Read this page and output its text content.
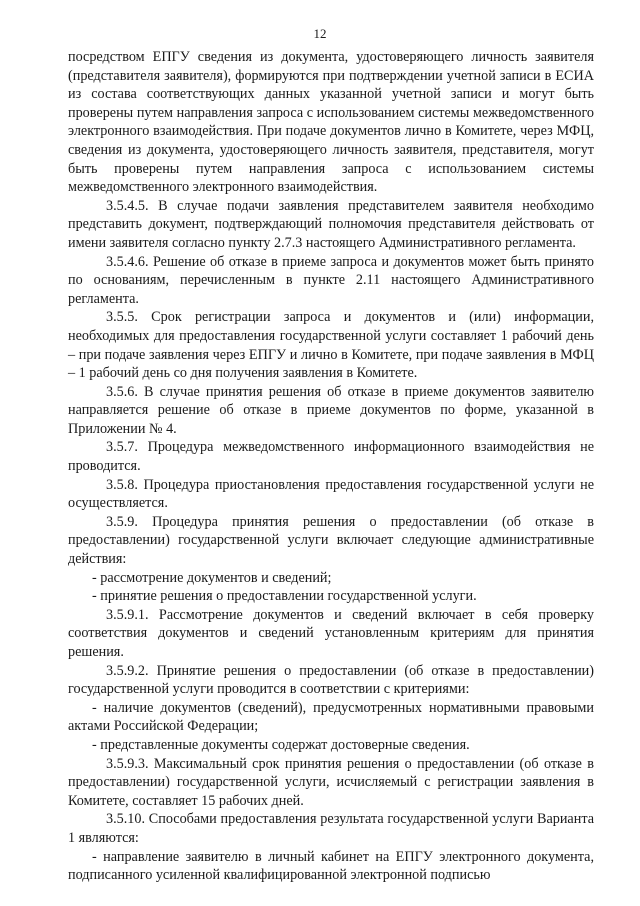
12

посредством ЕПГУ сведения из документа, удостоверяющего личность заявителя (представителя заявителя), формируются при подтверждении учетной записи в ЕСИА из состава соответствующих данных указанной учетной записи и могут быть проверены путем направления запроса с использованием системы межведомственного электронного взаимодействия. При подаче документов лично в Комитете, через МФЦ, сведения из документа, удостоверяющего личность заявителя, представителя, могут быть проверены путем направления запроса с использованием системы межведомственного электронного взаимодействия.

3.5.4.5. В случае подачи заявления представителем заявителя необходимо представить документ, подтверждающий полномочия представителя действовать от имени заявителя согласно пункту 2.7.3 настоящего Административного регламента.

3.5.4.6. Решение об отказе в приеме запроса и документов может быть принято по основаниям, перечисленным в пункте 2.11 настоящего Административного регламента.

3.5.5. Срок регистрации запроса и документов и (или) информации, необходимых для предоставления государственной услуги составляет 1 рабочий день – при подаче заявления через ЕПГУ и лично в Комитете, при подаче заявления в МФЦ – 1 рабочий день со дня получения заявления в Комитете.

3.5.6. В случае принятия решения об отказе в приеме документов заявителю направляется решение об отказе в приеме документов по форме, указанной в Приложении № 4.

3.5.7. Процедура межведомственного информационного взаимодействия не проводится.

3.5.8. Процедура приостановления предоставления государственной услуги не осуществляется.

3.5.9. Процедура принятия решения о предоставлении (об отказе в предоставлении) государственной услуги включает следующие административные действия:

- рассмотрение документов и сведений;

- принятие решения о предоставлении государственной услуги.

3.5.9.1. Рассмотрение документов и сведений включает в себя проверку соответствия документов и сведений установленным критериям для принятия решения.

3.5.9.2. Принятие решения о предоставлении (об отказе в предоставлении) государственной услуги проводится в соответствии с критериями:

- наличие документов (сведений), предусмотренных нормативными правовыми актами Российской Федерации;

- представленные документы содержат достоверные сведения.

3.5.9.3. Максимальный срок принятия решения о предоставлении (об отказе в предоставлении) государственной услуги, исчисляемый с регистрации заявления в Комитете, составляет 15 рабочих дней.

3.5.10. Способами предоставления результата государственной услуги Варианта 1 являются:

- направление заявителю в личный кабинет на ЕПГУ электронного документа, подписанного усиленной квалифицированной электронной подписью
